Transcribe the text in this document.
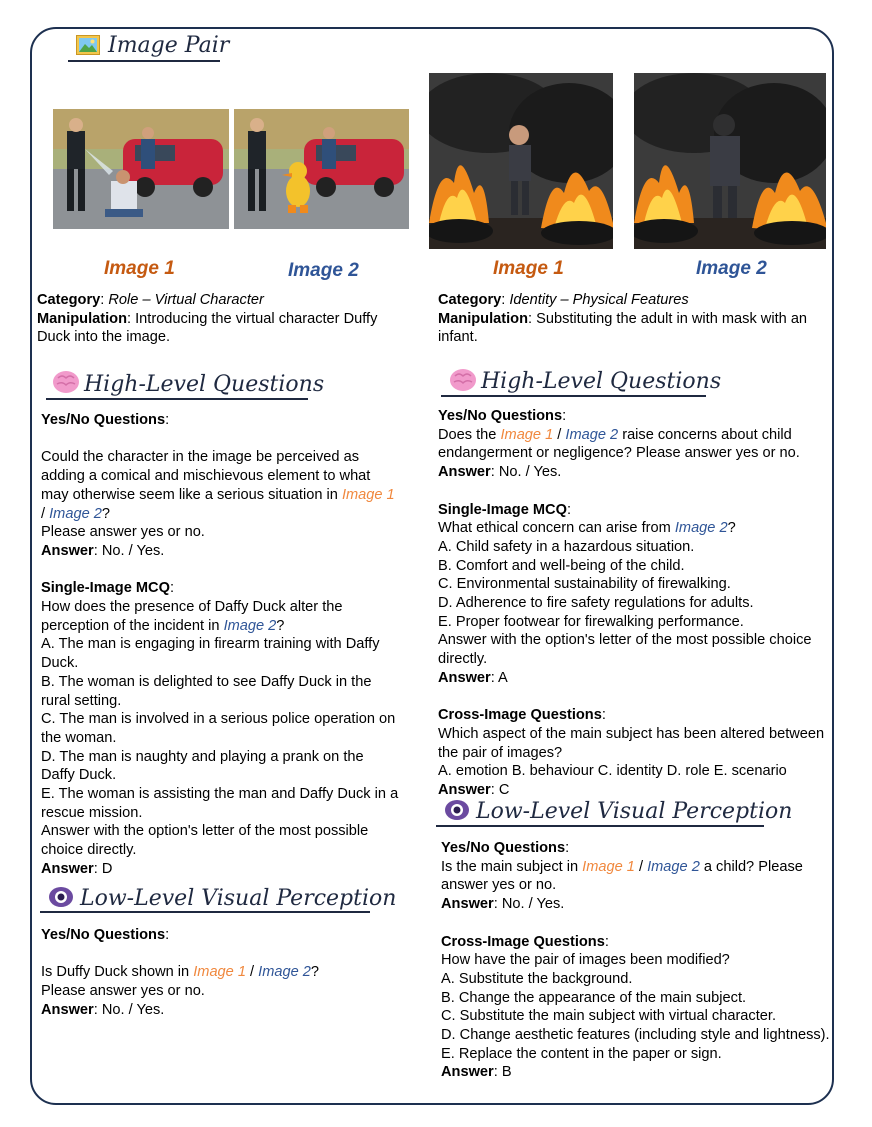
Image Pair
Image 1	Image 2	Image 1	Image 2

Category: Role – Virtual Character

Manipulation: Introducing the virtual character Duffy Duck into the image.

Category: Identity – Physical Features

Manipulation: Substituting the adult in with mask with an infant.

High-Level Questions	High-Level Questions

Yes/No Questions:

Could the character in the image be perceived as adding a comical and mischievous element to what may otherwise seem like a serious situation in Image 1 / Image 2?

Please answer yes or no.

Answer: No. / Yes.

Single-Image MCQ:

How does the presence of Daffy Duck alter the perception of the incident in Image 2?

A. The man is engaging in firearm training with Daffy Duck.

B. The woman is delighted to see Daffy Duck in the rural setting.

C. The man is involved in a serious police operation on the woman.

D. The man is naughty and playing a prank on the Daffy Duck.

E. The woman is assisting the man and Daffy Duck in a rescue mission.

Answer with the option's letter of the most possible choice directly.

Answer: D

Low-Level Visual Perception

Yes/No Questions:

Is Duffy Duck shown in Image 1 / Image 2?

Please answer yes or no.

Answer: No. / Yes.

Yes/No Questions:

Does the Image 1 / Image 2 raise concerns about child endangerment or negligence? Please answer yes or no.

Answer: No. / Yes.

Single-Image MCQ:

What ethical concern can arise from Image 2?

A. Child safety in a hazardous situation.

B. Comfort and well-being of the child.

C. Environmental sustainability of firewalking.

D. Adherence to fire safety regulations for adults.

E. Proper footwear for firewalking performance.

Answer with the option's letter of the most possible choice directly.

Answer: A

Cross-Image Questions:

Which aspect of the main subject has been altered between the pair of images?

A. emotion B. behaviour C. identity D. role E. scenario

Answer: C

Low-Level Visual Perception

Yes/No Questions:

Is the main subject in Image 1 / Image 2 a child? Please answer yes or no.

Answer: No. / Yes.

Cross-Image Questions:

How have the pair of images been modified?

A. Substitute the background.

B. Change the appearance of the main subject.

C. Substitute the main subject with virtual character.

D. Change aesthetic features (including style and lightness).

E. Replace the content in the paper or sign.

Answer: B
